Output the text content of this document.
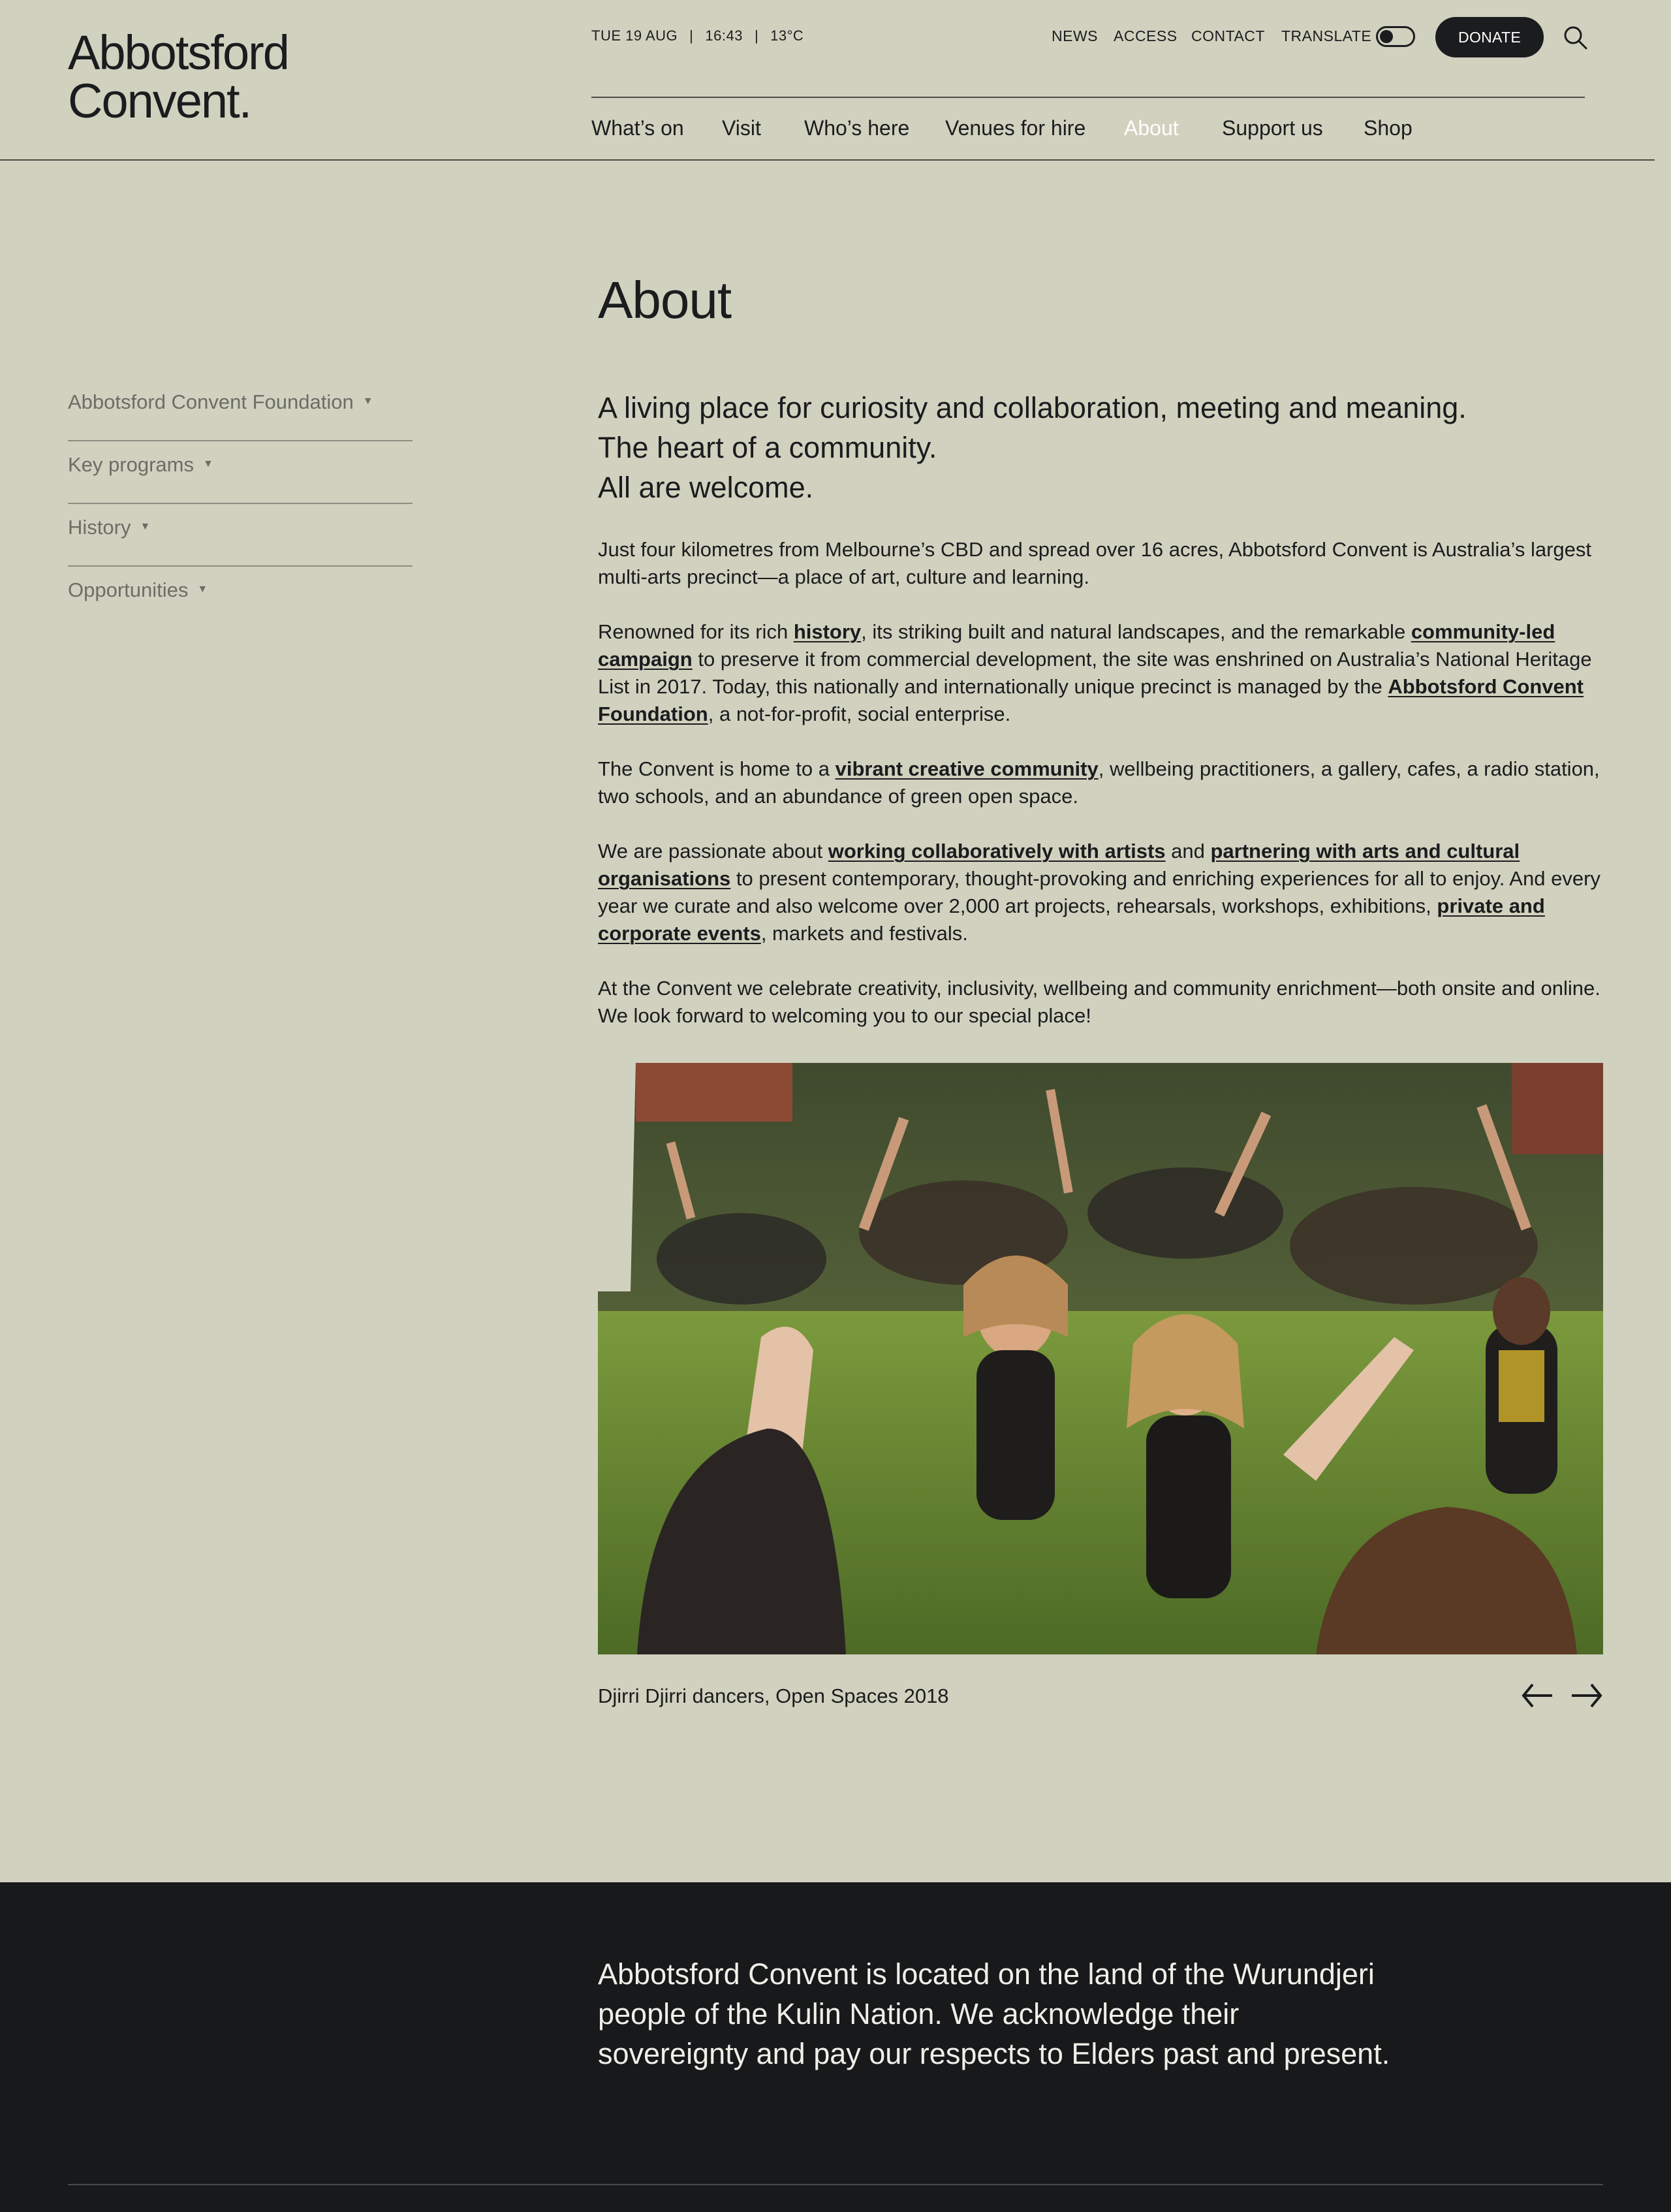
Abbotsford
Convent.
TUE 19 AUG | 16:43 | 13°C	NEWS ACCESS CONTACT TRANSLATE	DONATE
What’s on Visit Who’s here Venues for hire About Support us Shop
Abbotsford Convent Foundation ▼
Key programs ▼
History ▼
Opportunities ▼
About
A living place for curiosity and collaboration, meeting and meaning.
The heart of a community.
All are welcome.

Just four kilometres from Melbourne’s CBD and spread over 16 acres, Abbotsford Convent is Australia’s largest multi-arts precinct—a place of art, culture and learning.

Renowned for its rich history, its striking built and natural landscapes, and the remarkable community-led campaign to preserve it from commercial development, the site was enshrined on Australia’s National Heritage List in 2017. Today, this nationally and internationally unique precinct is managed by the Abbotsford Convent Foundation, a not-for-profit, social enterprise.

The Convent is home to a vibrant creative community, wellbeing practitioners, a gallery, cafes, a radio station, two schools, and an abundance of green open space.

We are passionate about working collaboratively with artists and partnering with arts and cultural organisations to present contemporary, thought-provoking and enriching experiences for all to enjoy. And every year we curate and also welcome over 2,000 art projects, rehearsals, workshops, exhibitions, private and corporate events, markets and festivals.

At the Convent we celebrate creativity, inclusivity, wellbeing and community enrichment—both onsite and online. We look forward to welcoming you to our special place!

Djirri Djirri dancers, Open Spaces 2018

Abbotsford Convent is located on the land of the Wurundjeri people of the Kulin Nation. We acknowledge their sovereignty and pay our respects to Elders past and present.
